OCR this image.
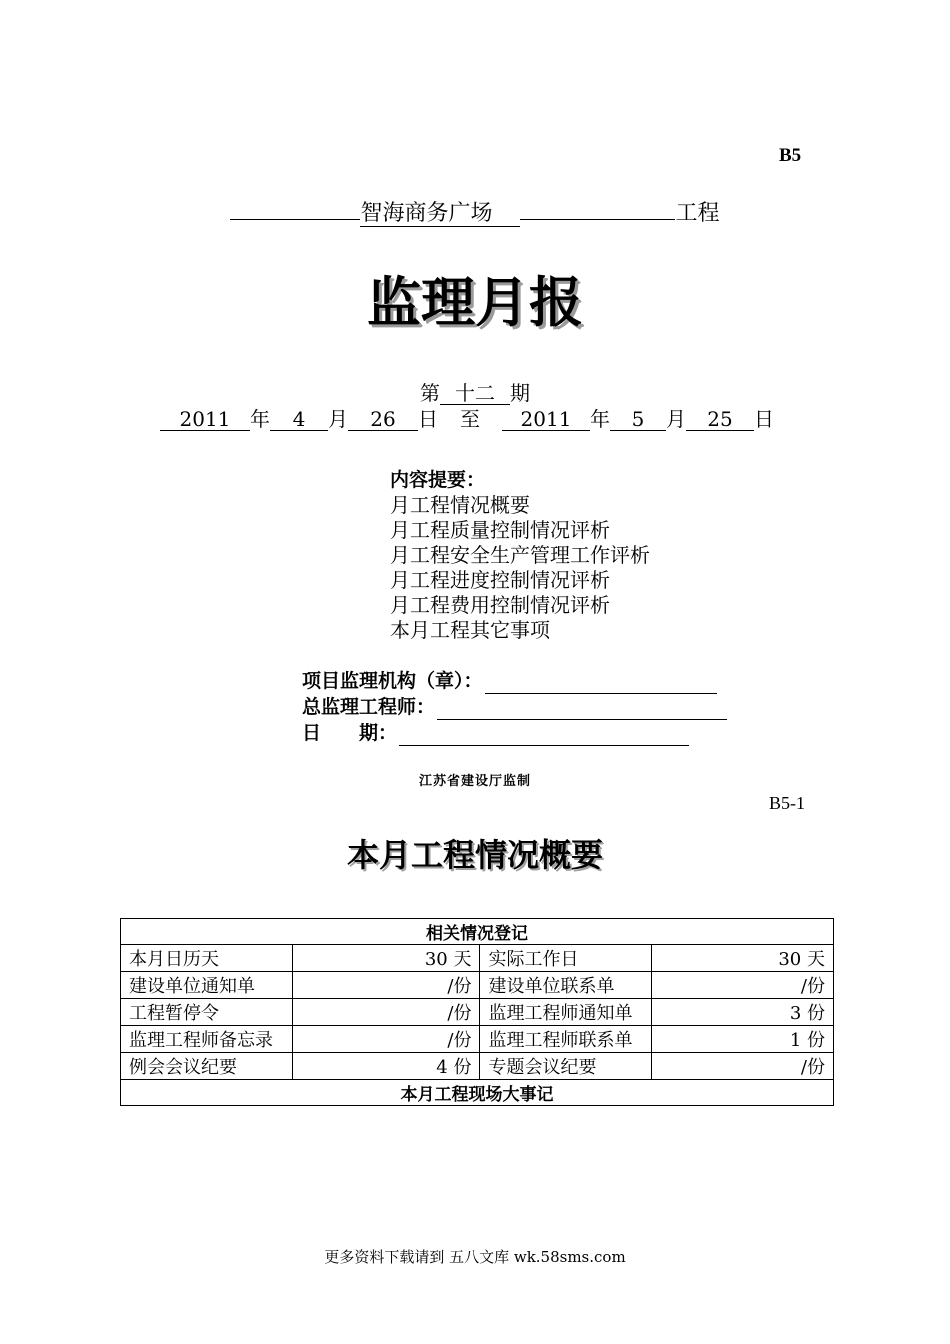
B5
智海商务广场	工程
监理月报
第 十二 期
2011 年 4 月 26 日 至 2011 年 5 月 25 日
内容提要：
月工程情况概要
月工程质量控制情况评析
月工程安全生产管理工作评析
月工程进度控制情况评析
月工程费用控制情况评析
本月工程其它事项
项目监理机构（章）：
总监理工程师：
日　　期：
江苏省建设厅监制
B5-1
本月工程情况概要
相关情况登记			
本月日历天	30 天	实际工作日	30 天
建设单位通知单	/份	建设单位联系单	/份
工程暂停令	/份	监理工程师通知单	3 份
监理工程师备忘录	/份	监理工程师联系单	1 份
例会会议纪要	4 份	专题会议纪要	/份
本月工程现场大事记			
更多资料下载请到 五八文库 wk.58sms.com
